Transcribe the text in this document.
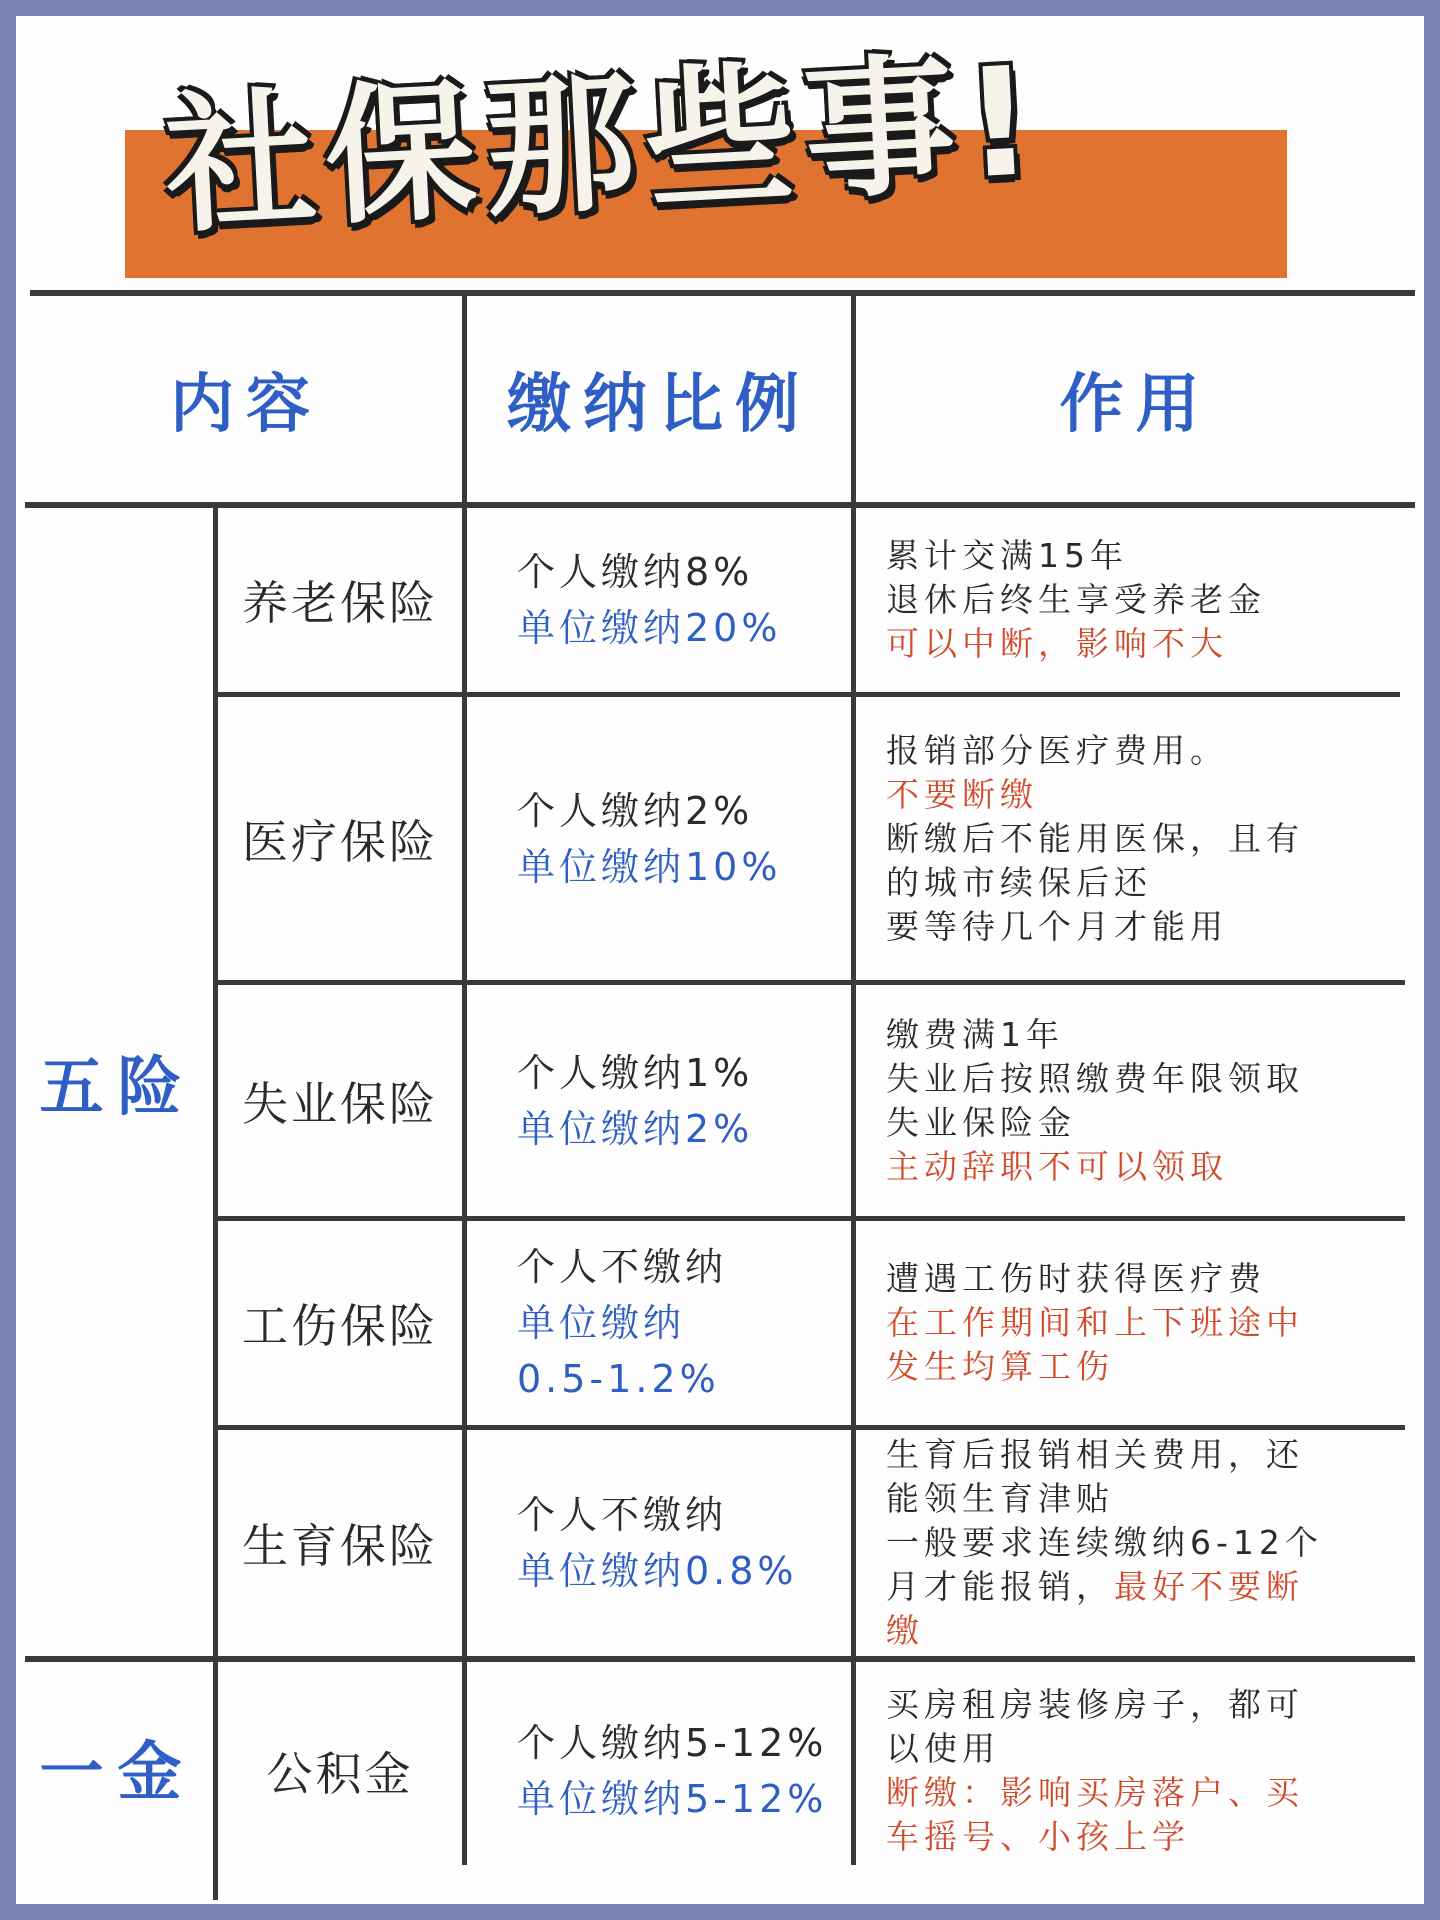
社保那些事!
内容	缴纳比例	作用
五险
一金
养老保险
个人缴纳8%
单位缴纳20%
累计交满15年
退休后终生享受养老金
可以中断，影响不大
医疗保险
个人缴纳2%
单位缴纳10%
报销部分医疗费用。
不要断缴
断缴后不能用医保，且有
的城市续保后还
要等待几个月才能用
失业保险
个人缴纳1%
单位缴纳2%
缴费满1年
失业后按照缴费年限领取
失业保险金
主动辞职不可以领取
工伤保险
个人不缴纳
单位缴纳
0.5-1.2%
遭遇工伤时获得医疗费
在工作期间和上下班途中
发生均算工伤
生育保险
个人不缴纳
单位缴纳0.8%
生育后报销相关费用，还
能领生育津贴
一般要求连续缴纳6-12个
月才能报销，最好不要断
缴
公积金
个人缴纳5-12%
单位缴纳5-12%
买房租房装修房子，都可
以使用
断缴：影响买房落户、买
车摇号、小孩上学
